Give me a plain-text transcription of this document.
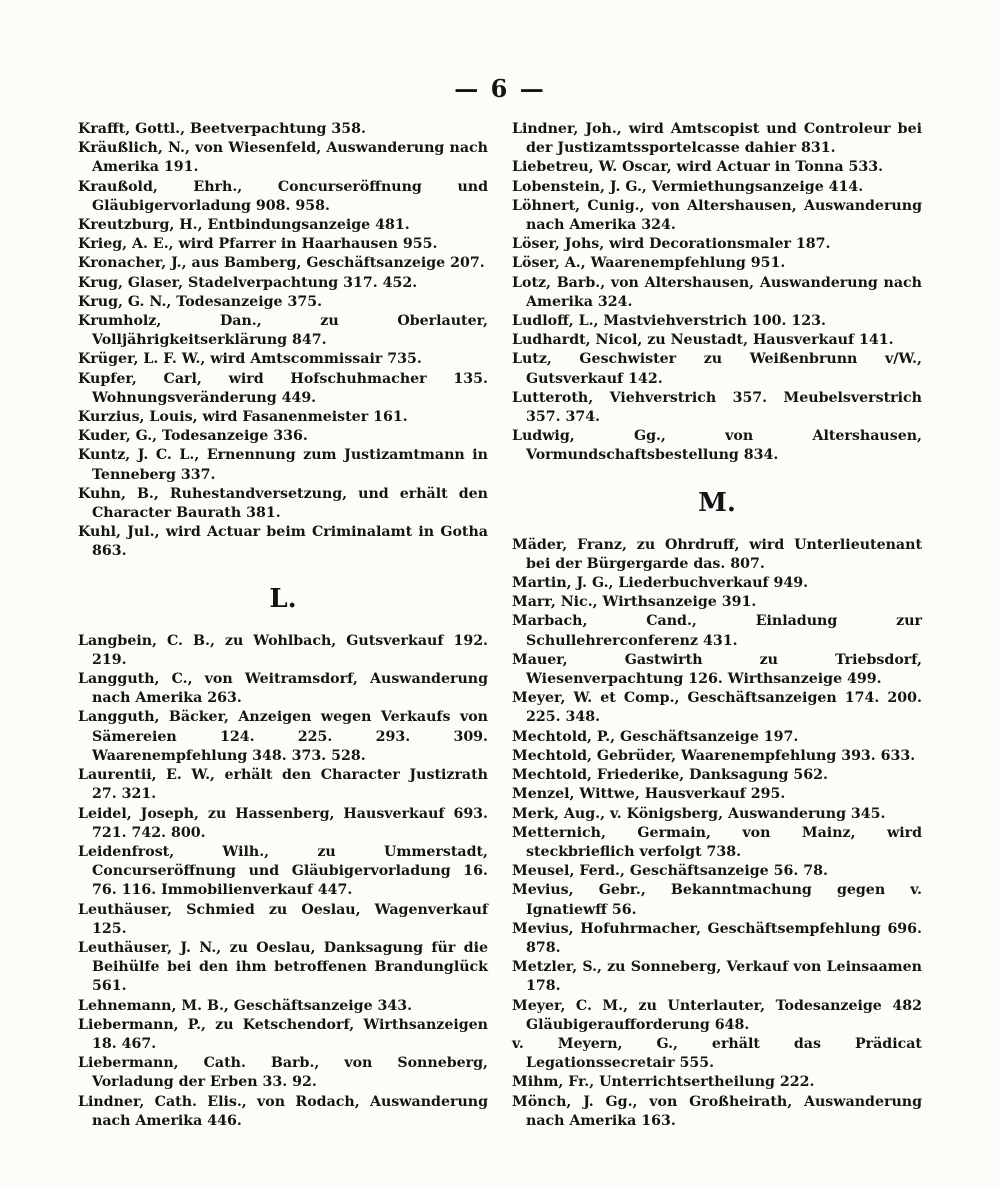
— 6 —
Krafft, Gottl., Beetverpachtung 358.
Kräußlich, N., von Wiesenfeld, Auswanderung nach Amerika 191.
Kraußold, Ehrh., Concurseröffnung und Gläubigervorladung 908. 958.
Kreutzburg, H., Entbindungsanzeige 481.
Krieg, A. E., wird Pfarrer in Haarhausen 955.
Kronacher, J., aus Bamberg, Geschäftsanzeige 207.
Krug, Glaser, Stadelverpachtung 317. 452.
Krug, G. N., Todesanzeige 375.
Krumholz, Dan., zu Oberlauter, Volljährigkeitserklärung 847.
Krüger, L. F. W., wird Amtscommissair 735.
Kupfer, Carl, wird Hofschuhmacher 135. Wohnungsveränderung 449.
Kurzius, Louis, wird Fasanenmeister 161.
Kuder, G., Todesanzeige 336.
Kuntz, J. C. L., Ernennung zum Justizamtmann in Tenneberg 337.
Kuhn, B., Ruhestandversetzung, und erhält den Character Baurath 381.
Kuhl, Jul., wird Actuar beim Criminalamt in Gotha 863.
L.
Langbein, C. B., zu Wohlbach, Gutsverkauf 192. 219.
Langguth, C., von Weitramsdorf, Auswanderung nach Amerika 263.
Langguth, Bäcker, Anzeigen wegen Verkaufs von Sämereien 124. 225. 293. 309. Waarenempfehlung 348. 373. 528.
Laurentii, E. W., erhält den Character Justizrath 27. 321.
Leidel, Joseph, zu Hassenberg, Hausverkauf 693. 721. 742. 800.
Leidenfrost, Wilh., zu Ummerstadt, Concurseröffnung und Gläubigervorladung 16. 76. 116. Immobilienverkauf 447.
Leuthäuser, Schmied zu Oeslau, Wagenverkauf 125.
Leuthäuser, J. N., zu Oeslau, Danksagung für die Beihülfe bei den ihm betroffenen Brandunglück 561.
Lehnemann, M. B., Geschäftsanzeige 343.
Liebermann, P., zu Ketschendorf, Wirthsanzeigen 18. 467.
Liebermann, Cath. Barb., von Sonneberg, Vorladung der Erben 33. 92.
Lindner, Cath. Elis., von Rodach, Auswanderung nach Amerika 446.
Lindner, Joh., wird Amtscopist und Controleur bei der Justizamtssportelcasse dahier 831.
Liebetreu, W. Oscar, wird Actuar in Tonna 533.
Lobenstein, J. G., Vermiethungsanzeige 414.
Löhnert, Cunig., von Altershausen, Auswanderung nach Amerika 324.
Löser, Johs, wird Decorationsmaler 187.
Löser, A., Waarenempfehlung 951.
Lotz, Barb., von Altershausen, Auswanderung nach Amerika 324.
Ludloff, L., Mastviehverstrich 100. 123.
Ludhardt, Nicol, zu Neustadt, Hausverkauf 141.
Lutz, Geschwister zu Weißenbrunn v/W., Gutsverkauf 142.
Lutteroth, Viehverstrich 357. Meubelsverstrich 357. 374.
Ludwig, Gg., von Altershausen, Vormundschaftsbestellung 834.
M.
Mäder, Franz, zu Ohrdruff, wird Unterlieutenant bei der Bürgergarde das. 807.
Martin, J. G., Liederbuchverkauf 949.
Marr, Nic., Wirthsanzeige 391.
Marbach, Cand., Einladung zur Schullehrerconferenz 431.
Mauer, Gastwirth zu Triebsdorf, Wiesenverpachtung 126. Wirthsanzeige 499.
Meyer, W. et Comp., Geschäftsanzeigen 174. 200. 225. 348.
Mechtold, P., Geschäftsanzeige 197.
Mechtold, Gebrüder, Waarenempfehlung 393. 633.
Mechtold, Friederike, Danksagung 562.
Menzel, Wittwe, Hausverkauf 295.
Merk, Aug., v. Königsberg, Auswanderung 345.
Metternich, Germain, von Mainz, wird steckbrieflich verfolgt 738.
Meusel, Ferd., Geschäftsanzeige 56. 78.
Mevius, Gebr., Bekanntmachung gegen v. Ignatiewff 56.
Mevius, Hofuhrmacher, Geschäftsempfehlung 696. 878.
Metzler, S., zu Sonneberg, Verkauf von Leinsaamen 178.
Meyer, C. M., zu Unterlauter, Todesanzeige 482 Gläubigeraufforderung 648.
v. Meyern, G., erhält das Prädicat Legationssecretair 555.
Mihm, Fr., Unterrichtsertheilung 222.
Mönch, J. Gg., von Großheirath, Auswanderung nach Amerika 163.
